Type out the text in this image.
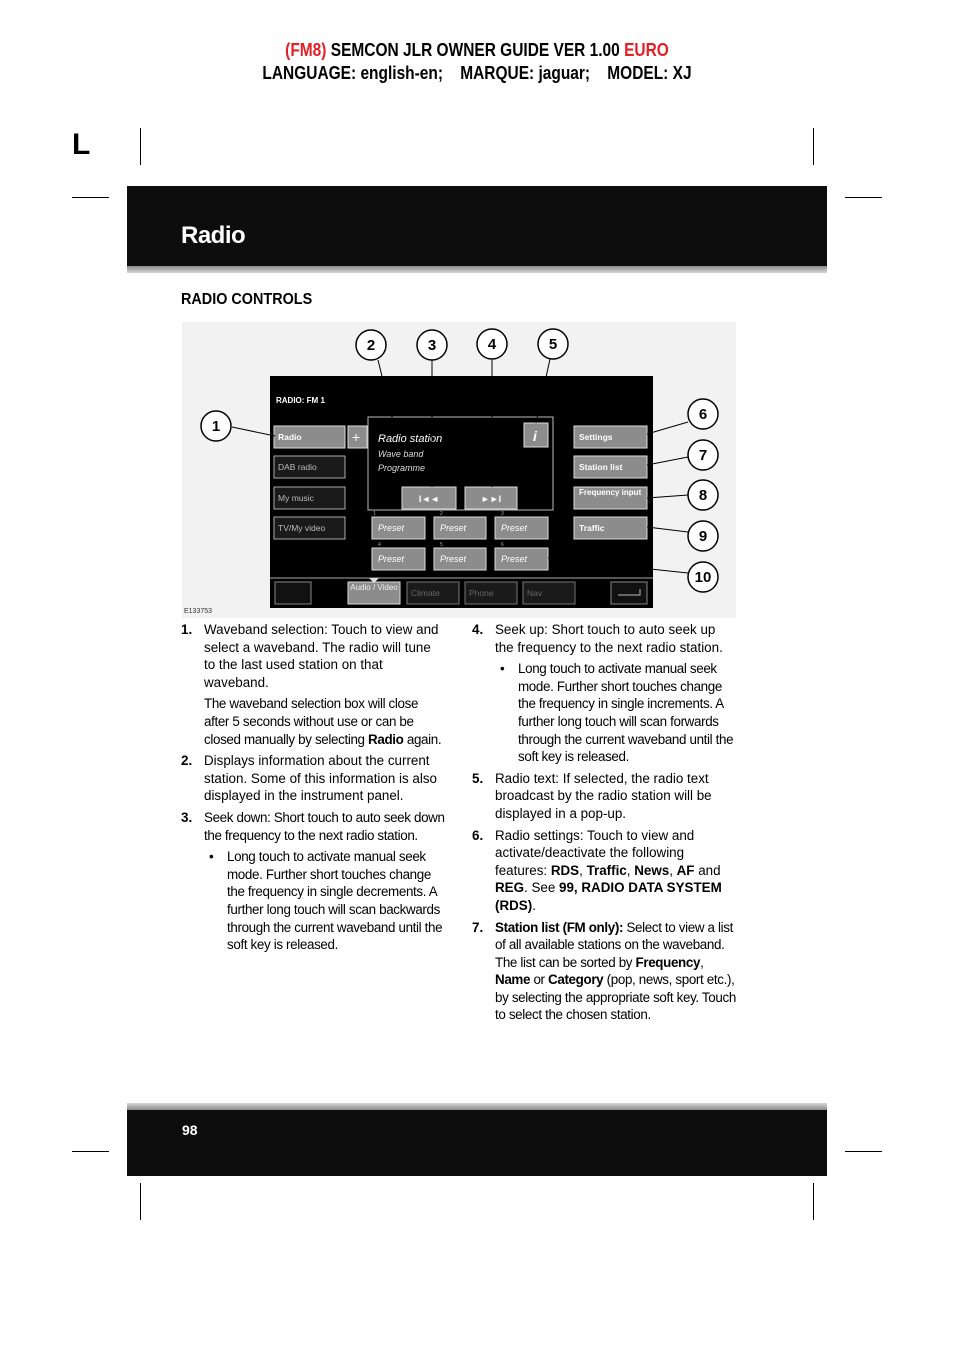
(FM8) SEMCON JLR OWNER GUIDE VER 1.00 EURO
LANGUAGE: english-en; MARQUE: jaguar; MODEL: XJ
L
Radio
RADIO CONTROLS
RADIO: FM 1
Radio
DAB radio
My music
TV/My video
+ Radio station
Wave band
Programme
i
I◄◄	►►I
1
Preset
2
Preset
3
Preset
4
Preset
5
Preset
6
Preset
Settings
Station list
Frequency input
Traffic
Audio / Video
Climate	Phone	Nav
1
2	3	4	5
6
7
8
9
10
E133753
1. Waveband selection: Touch to view and select a waveband. The radio will tune to the last used station on that waveband.
The waveband selection box will close after 5 seconds without use or can be closed manually by selecting Radio again.
2. Displays information about the current station. Some of this information is also displayed in the instrument panel.
3. Seek down: Short touch to auto seek down the frequency to the next radio station.
• Long touch to activate manual seek mode. Further short touches change the frequency in single decrements. A further long touch will scan backwards through the current waveband until the soft key is released.
4. Seek up: Short touch to auto seek up the frequency to the next radio station.
• Long touch to activate manual seek mode. Further short touches change the frequency in single increments. A further long touch will scan forwards through the current waveband until the soft key is released.
5. Radio text: If selected, the radio text broadcast by the radio station will be displayed in a pop-up.
6. Radio settings: Touch to view and activate/deactivate the following features: RDS, Traffic, News, AF and REG. See 99, RADIO DATA SYSTEM (RDS).
7. Station list (FM only): Select to view a list of all available stations on the waveband. The list can be sorted by Frequency, Name or Category (pop, news, sport etc.), by selecting the appropriate soft key. Touch to select the chosen station.
98
